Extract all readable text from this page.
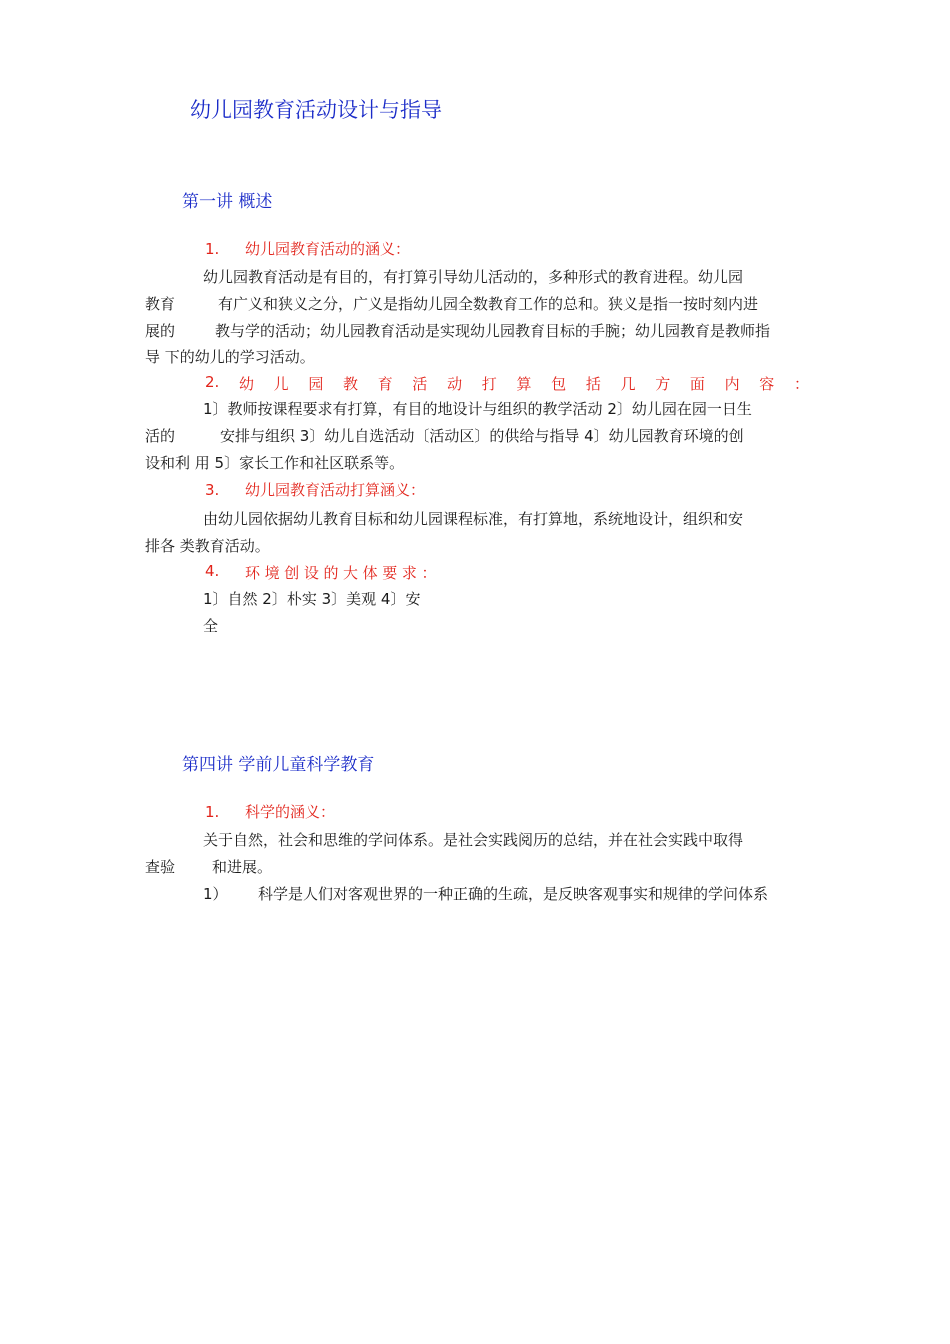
幼儿园教育活动设计与指导
第一讲 概述
1. 幼儿园教育活动的涵义：
幼儿园教育活动是有目的，有打算引导幼儿活动的，多种形式的教育进程。幼儿园
教育	有广义和狭义之分，广义是指幼儿园全数教育工作的总和。狭义是指一按时刻内进
展的	教与学的活动；幼儿园教育活动是实现幼儿园教育目标的手腕；幼儿园教育是教师指
导 下的幼儿的学习活动。
2. 幼 儿 园 教 育 活 动 打 算 包 括 几 方 面 内 容 ：
1〕教师按课程要求有打算，有目的地设计与组织的教学活动 2〕幼儿园在园一日生
活的	安排与组织 3〕幼儿自选活动〔活动区〕的供给与指导 4〕幼儿园教育环境的创
设和利 用 5〕家长工作和社区联系等。
3. 幼儿园教育活动打算涵义：
由幼儿园依据幼儿教育目标和幼儿园课程标准，有打算地，系统地设计，组织和安
排各 类教育活动。
4.	环 境 创 设 的 大 体 要 求 ：
1〕自然 2〕朴实 3〕美观 4〕安
全
第四讲 学前儿童科学教育
1. 科学的涵义：
关于自然，社会和思维的学问体系。是社会实践阅历的总结，并在社会实践中取得
查验 和进展。
1） 科学是人们对客观世界的一种正确的生疏，是反映客观事实和规律的学问体系
